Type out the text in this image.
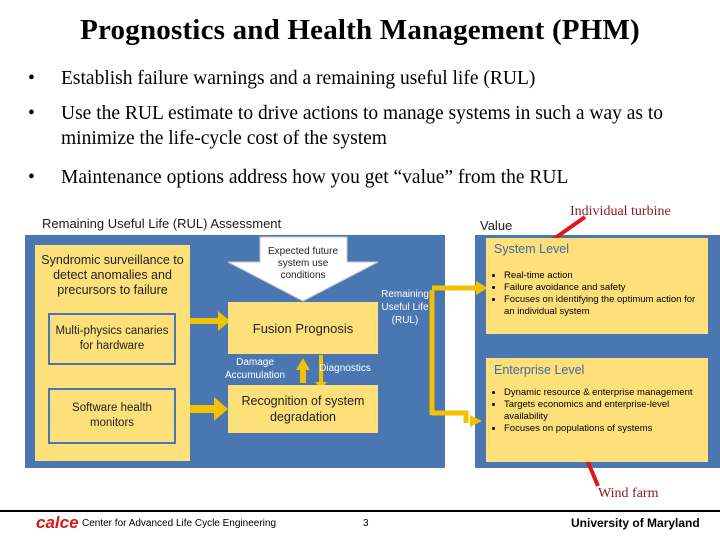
Prognostics and Health Management (PHM)
•	Establish failure warnings and a remaining useful life (RUL)
•	Use the RUL estimate to drive actions to manage systems in such a way as to minimize the life-cycle cost of the system
•	Maintenance options address how you get “value” from the RUL
Remaining Useful Life (RUL) Assessment	Value
Syndromic surveillance to detect anomalies and precursors to failure
Multi-physics canaries for hardware
Software health monitors
Expected future system use conditions
Fusion Prognosis
Damage Accumulation
Diagnostics
Recognition of system degradation
Remaining Useful Life (RUL)
System Level
• Real-time action
• Failure avoidance and safety
• Focuses on identifying the optimum action for an individual system
Enterprise Level
• Dynamic resource & enterprise management
• Targets economics and enterprise-level availability
• Focuses on populations of systems
Individual turbine
Wind farm
calce Center for Advanced Life Cycle Engineering	3	University of Maryland
